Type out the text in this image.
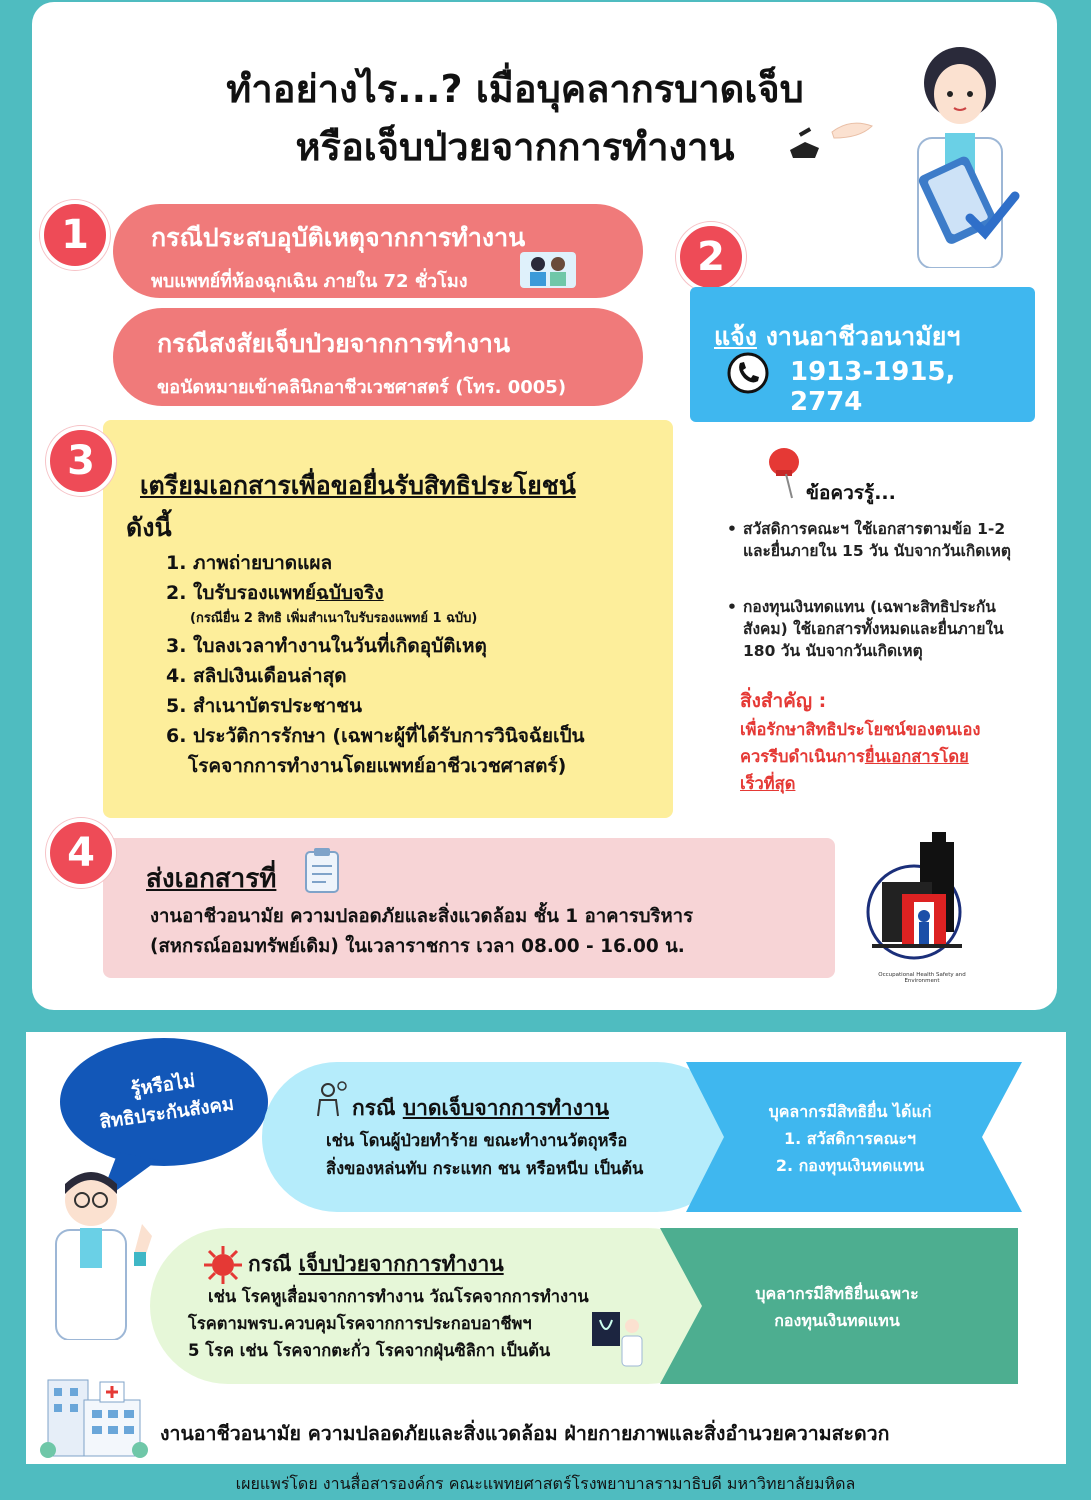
ทำอย่างไร...? เมื่อบุคลากรบาดเจ็บ
หรือเจ็บป่วยจากการทำงาน
1	กรณีประสบอุบัติเหตุจากการทำงาน
พบแพทย์ที่ห้องฉุกเฉิน ภายใน 72 ชั่วโมง
กรณีสงสัยเจ็บป่วยจากการทำงาน
ขอนัดหมายเข้าคลินิกอาชีวเวชศาสตร์ (โทร. 0005)
2
แจ้ง งานอาชีวอนามัยฯ
1913-1915, 2774
3
เตรียมเอกสารเพื่อขอยื่นรับสิทธิประโยชน์
ดังนี้
1. ภาพถ่ายบาดแผล
2. ใบรับรองแพทย์ฉบับจริง
(กรณียื่น 2 สิทธิ เพิ่มสำเนาใบรับรองแพทย์ 1 ฉบับ)
3. ใบลงเวลาทำงานในวันที่เกิดอุบัติเหตุ
4. สลิปเงินเดือนล่าสุด
5. สำเนาบัตรประชาชน
6. ประวัติการรักษา (เฉพาะผู้ที่ได้รับการวินิจฉัยเป็น
โรคจากการทำงานโดยแพทย์อาชีวเวชศาสตร์)
ข้อควรรู้...
• สวัสดิการคณะฯ ใช้เอกสารตามข้อ 1-2 และยื่นภายใน 15 วัน นับจากวันเกิดเหตุ
• กองทุนเงินทดแทน (เฉพาะสิทธิประกันสังคม) ใช้เอกสารทั้งหมดและยื่นภายใน 180 วัน นับจากวันเกิดเหตุ
สิ่งสำคัญ :
เพื่อรักษาสิทธิประโยชน์ของตนเอง
ควรรีบดำเนินการยื่นเอกสารโดย
เร็วที่สุด
4
ส่งเอกสารที่
งานอาชีวอนามัย ความปลอดภัยและสิ่งแวดล้อม ชั้น 1 อาคารบริหาร
(สหกรณ์ออมทรัพย์เดิม) ในเวลาราชการ เวลา 08.00 - 16.00 น.
Occupational Health Safety and Environment
รู้หรือไม่
สิทธิประกันสังคม	กรณี บาดเจ็บจากการทำงาน
เช่น โดนผู้ป่วยทำร้าย ขณะทำงานวัตถุหรือ
สิ่งของหล่นทับ กระแทก ชน หรือหนีบ เป็นต้น
บุคลากรมีสิทธิยื่น ได้แก่
1. สวัสดิการคณะฯ
2. กองทุนเงินทดแทน
กรณี เจ็บป่วยจากการทำงาน
เช่น โรคหูเสื่อมจากการทำงาน วัณโรคจากการทำงาน
โรคตามพรบ.ควบคุมโรคจากการประกอบอาชีพฯ
5 โรค เช่น โรคจากตะกั่ว โรคจากฝุ่นซิลิกา เป็นต้น
บุคลากรมีสิทธิยื่นเฉพาะ
กองทุนเงินทดแทน
งานอาชีวอนามัย ความปลอดภัยและสิ่งแวดล้อม ฝ่ายกายภาพและสิ่งอำนวยความสะดวก
เผยแพร่โดย งานสื่อสารองค์กร คณะแพทยศาสตร์โรงพยาบาลรามาธิบดี มหาวิทยาลัยมหิดล
